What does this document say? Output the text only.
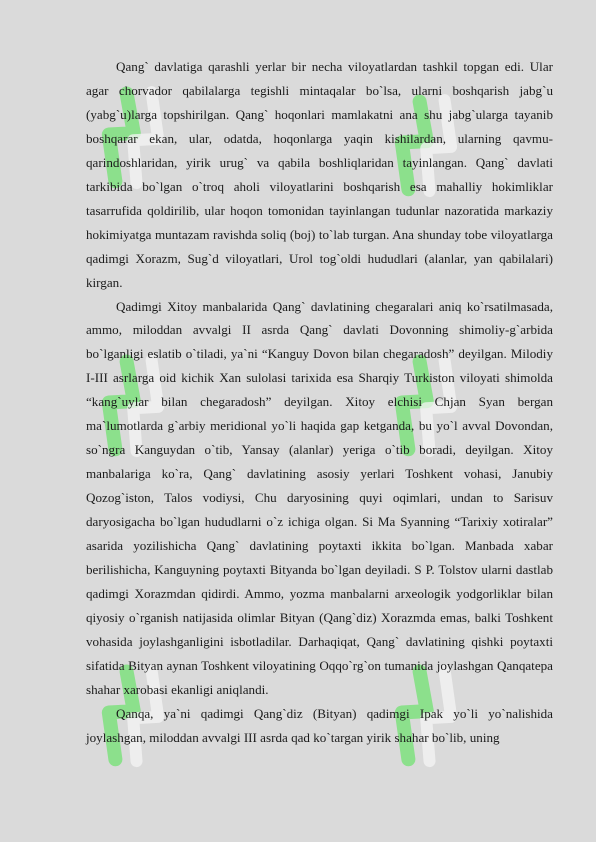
Qang` davlatiga qarashli yerlar bir necha viloyatlardan tashkil topgan edi. Ular agar chorvador qabilalarga tegishli mintaqalar bo`lsa, ularni boshqarish jabg`u (yabg`u)larga topshirilgan. Qang` hoqonlari mamlakatni ana shu jabg`ularga tayanib boshqarar ekan, ular, odatda, hoqonlarga yaqin kishilardan, ularning qavmu-qarindoshlaridan, yirik urug` va qabila boshliqlaridan tayinlangan. Qang` davlati tarkibida bo`lgan o`troq aholi viloyatlarini boshqarish esa mahalliy hokimliklar tasarrufida qoldirilib, ular hoqon tomonidan tayinlangan tudunlar nazoratida markaziy hokimiyatga muntazam ravishda soliq (boj) to`lab turgan. Ana shunday tobe viloyatlarga qadimgi Xorazm, Sug`d viloyatlari, Urol tog`oldi hududlari (alanlar, yan qabilalari) kirgan.

Qadimgi Xitoy manbalarida Qang` davlatining chegaralari aniq ko`rsatilmasada, ammo, miloddan avvalgi II asrda Qang` davlati Dovonning shimoliy-g`arbida bo`lganligi eslatib o`tiladi, ya`ni “Kanguy Dovon bilan chegaradosh” deyilgan. Milodiy I-III asrlarga oid kichik Xan sulolasi tarixida esa Sharqiy Turkiston viloyati shimolda “kang`uylar bilan chegaradosh” deyilgan. Xitoy elchisi Chjan Syan bergan ma`lumotlarda g`arbiy meridional yo`li haqida gap ketganda, bu yo`l avval Dovondan, so`ngra Kanguydan o`tib, Yansay (alanlar) yeriga o`tib boradi, deyilgan. Xitoy manbalariga ko`ra, Qang` davlatining asosiy yerlari Toshkent vohasi, Janubiy Qozog`iston, Talos vodiysi, Chu daryosining quyi oqimlari, undan to Sarisuv daryosigacha bo`lgan hududlarni o`z ichiga olgan. Si Ma Syanning “Tarixiy xotiralar” asarida yozilishicha Qang` davlatining poytaxti ikkita bo`lgan. Manbada xabar berilishicha, Kanguyning poytaxti Bityanda bo`lgan deyiladi. S P. Tolstov ularni dastlab qadimgi Xorazmdan qidirdi. Ammo, yozma manbalarni arxeologik yodgorliklar bilan qiyosiy o`rganish natijasida olimlar Bityan (Qang`diz) Xorazmda emas, balki Toshkent vohasida joylashganligini isbotladilar. Darhaqiqat, Qang` davlatining qishki poytaxti sifatida Bityan aynan Toshkent viloyatining Oqqo`rg`on tumanida joylashgan Qanqatepa shahar xarobasi ekanligi aniqlandi.

Qanqa, ya`ni qadimgi Qang`diz (Bityan) qadimgi Ipak yo`li yo`nalishida joylashgan, miloddan avvalgi III asrda qad ko`targan yirik shahar bo`lib, uning
